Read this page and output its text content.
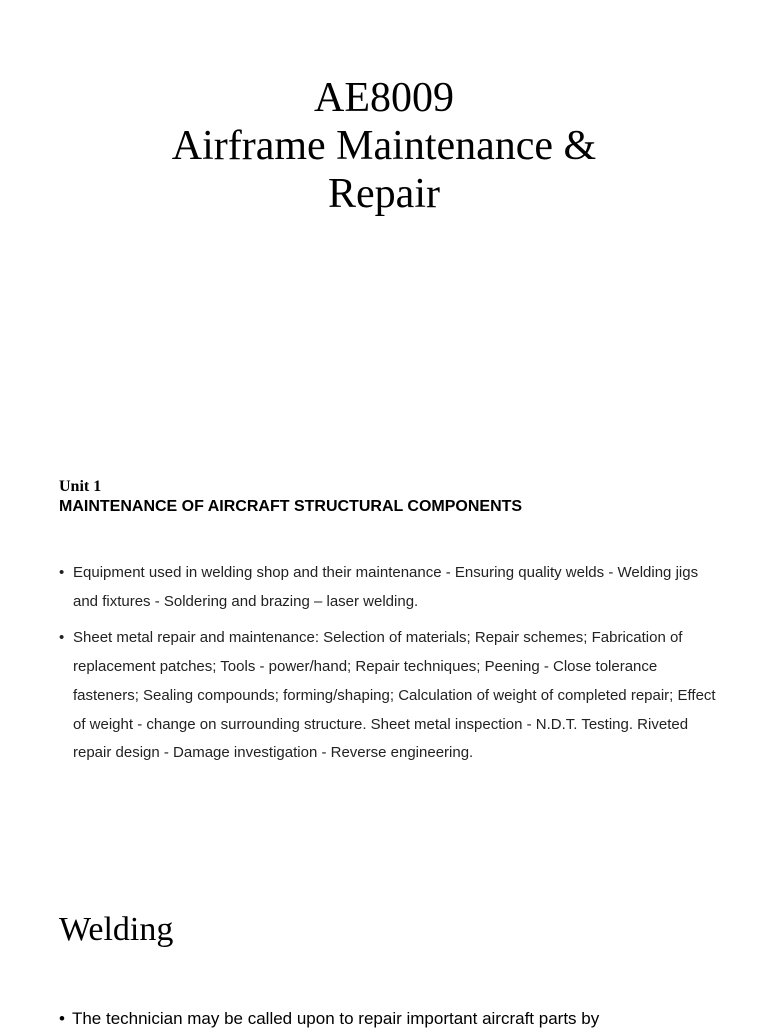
AE8009
Airframe Maintenance &
Repair
Unit 1
MAINTENANCE OF AIRCRAFT STRUCTURAL COMPONENTS
• Equipment used in welding shop and their maintenance - Ensuring quality welds - Welding jigs and fixtures - Soldering and brazing – laser welding.
• Sheet metal repair and maintenance: Selection of materials; Repair schemes; Fabrication of replacement patches; Tools - power/hand; Repair techniques; Peening - Close tolerance fasteners; Sealing compounds; forming/shaping; Calculation of weight of completed repair; Effect of weight - change on surrounding structure. Sheet metal inspection - N.D.T. Testing. Riveted repair design - Damage investigation - Reverse engineering.
Welding

• The technician may be called upon to repair important aircraft parts by
